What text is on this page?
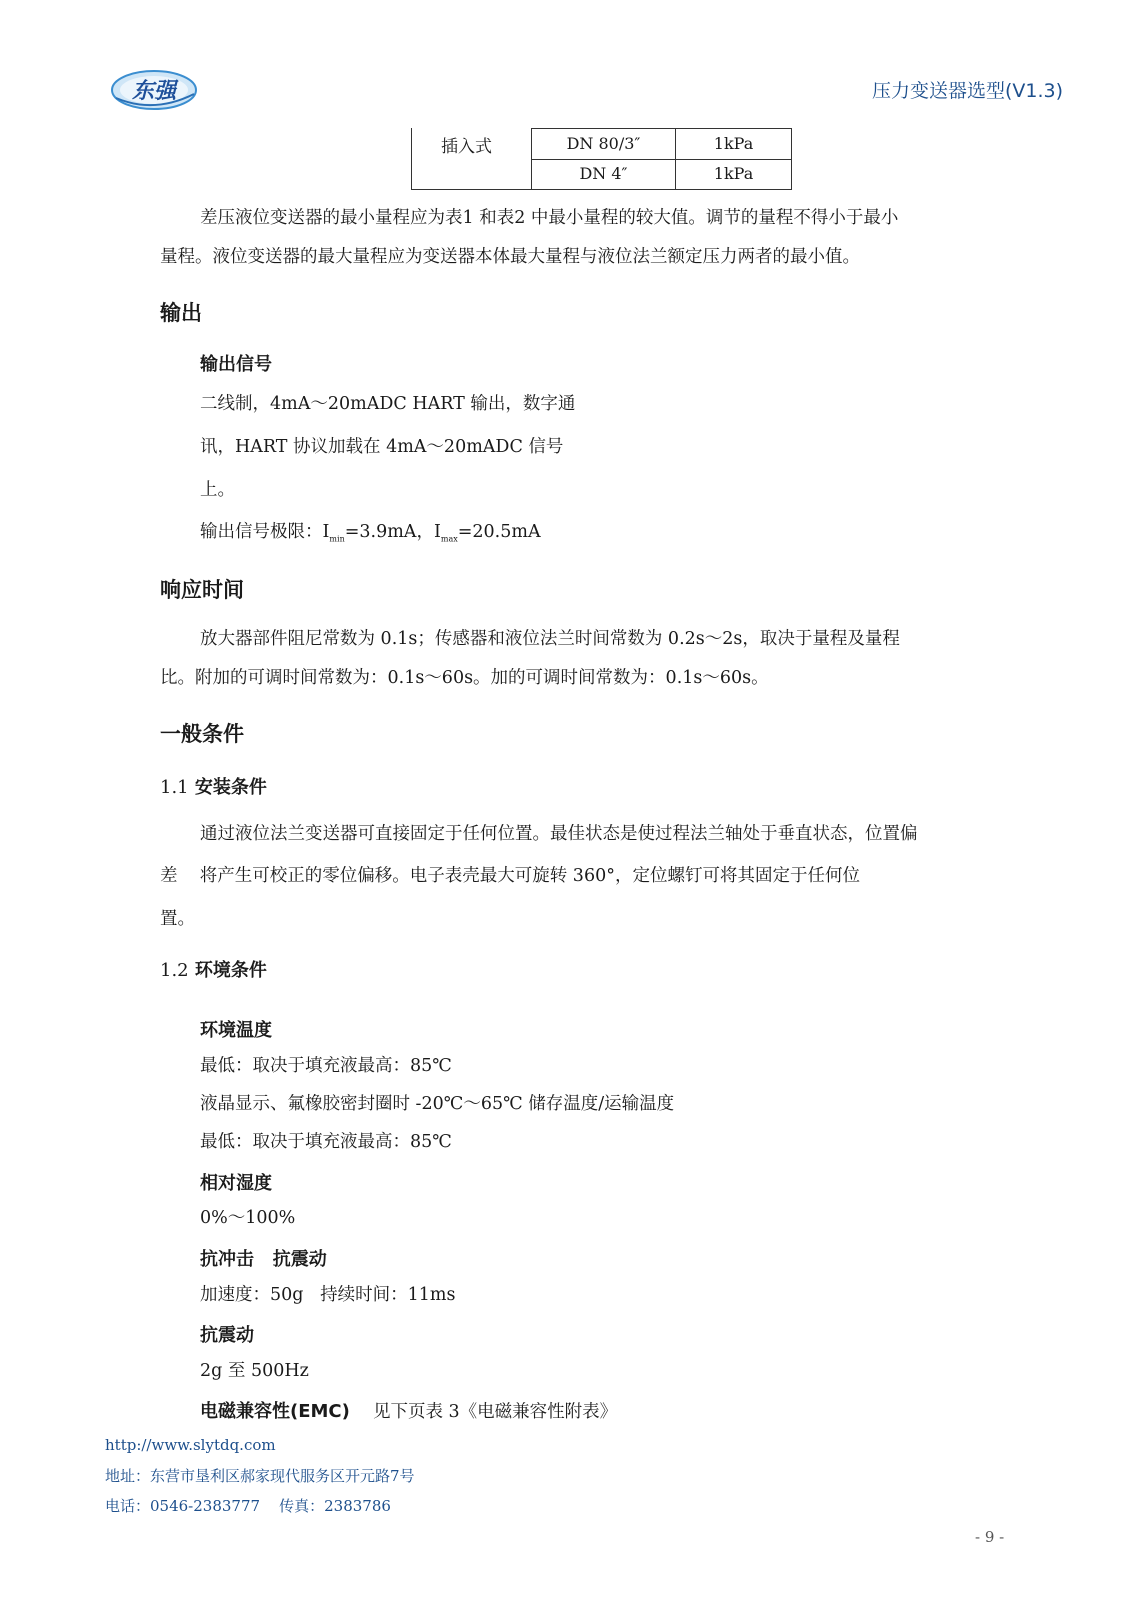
东强	压力变送器选型(V1.3)
插入式	DN 80/3″	1kPa
DN 4″	1kPa
差压液位变送器的最小量程应为表1 和表2 中最小量程的较大值。调节的量程不得小于最小
量程。液位变送器的最大量程应为变送器本体最大量程与液位法兰额定压力两者的最小值。
输出
输出信号
二线制，4mA～20mADC HART 输出，数字通
讯，HART 协议加载在 4mA～20mADC 信号
上。
输出信号极限：$I_{min}=3.9mA$，$I_{max}=20.5mA$
响应时间
放大器部件阻尼常数为 0.1s；传感器和液位法兰时间常数为 0.2s～2s，取决于量程及量程
比。附加的可调时间常数为：0.1s～60s。加的可调时间常数为：0.1s～60s。
一般条件
1.1 安装条件
通过液位法兰变送器可直接固定于任何位置。最佳状态是使过程法兰轴处于垂直状态，位置偏
差    将产生可校正的零位偏移。电子表壳最大可旋转 360°，定位螺钉可将其固定于任何位
置。
1.2 环境条件
环境温度
最低：取决于填充液最高：85℃
液晶显示、氟橡胶密封圈时 -20℃～65℃ 储存温度/运输温度
最低：取决于填充液最高：85℃
相对湿度
0%～100%
抗冲击   抗震动
加速度：50g   持续时间：11ms
抗震动
2g 至 500Hz
电磁兼容性(EMC) 见下页表 3《电磁兼容性附表》
http://www.slytdq.com
地址：东营市垦利区郝家现代服务区开元路7号
电话：0546-2383777    传真：2383786
- 9 -
